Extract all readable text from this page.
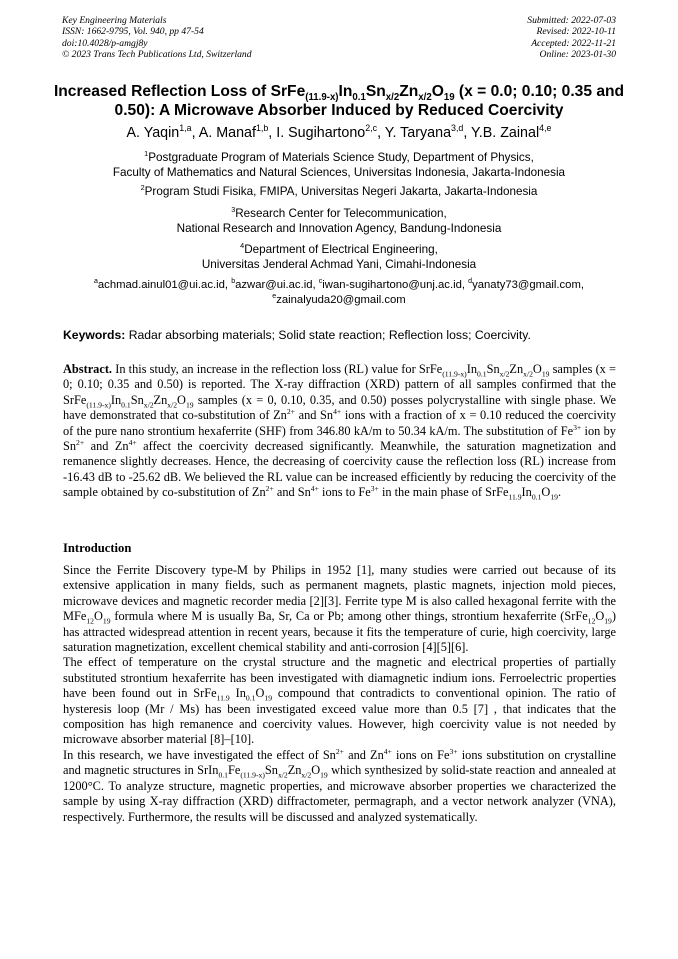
Key Engineering Materials
ISSN: 1662-9795, Vol. 940, pp 47-54
doi:10.4028/p-amgj8y
© 2023 Trans Tech Publications Ltd, Switzerland
Submitted: 2022-07-03
Revised: 2022-10-11
Accepted: 2022-11-21
Online: 2023-01-30
Increased Reflection Loss of $SrFe_{(11.9-x)}In_{0.1}Sn_{x/2}Zn_{x/2}O_{19}$ (x = 0.0; 0.10; 0.35 and 0.50): A Microwave Absorber Induced by Reduced Coercivity
A. Yaqin$^{1,a}$, A. Manaf$^{1,b}$, I. Sugihartono$^{2,c}$, Y. Taryana$^{3,d}$, Y.B. Zainal$^{4,e}$
$^1$Postgraduate Program of Materials Science Study, Department of Physics,
Faculty of Mathematics and Natural Sciences, Universitas Indonesia, Jakarta-Indonesia
$^2$Program Studi Fisika, FMIPA, Universitas Negeri Jakarta, Jakarta-Indonesia
$^3$Research Center for Telecommunication,
National Research and Innovation Agency, Bandung-Indonesia
$^4$Department of Electrical Engineering,
Universitas Jenderal Achmad Yani, Cimahi-Indonesia
$^a$achmad.ainul01@ui.ac.id, $^b$azwar@ui.ac.id, $^c$iwan-sugihartono@unj.ac.id, $^d$yanaty73@gmail.com,
$^e$zainalyuda20@gmail.com
Keywords: Radar absorbing materials; Solid state reaction; Reflection loss; Coercivity.
Abstract. In this study, an increase in the reflection loss (RL) value for $SrFe_{(11.9-x)}In_{0.1}Sn_{x/2}Zn_{x/2}O_{19}$ samples (x = 0; 0.10; 0.35 and 0.50) is reported. The X-ray diffraction (XRD) pattern of all samples confirmed that the $SrFe_{(11.9-x)}In_{0.1}Sn_{x/2}Zn_{x/2}O_{19}$ samples (x = 0, 0.10, 0.35, and 0.50) posses polycrystalline with single phase. We have demonstrated that co-substitution of $Zn^{2+}$ and $Sn^{4+}$ ions with a fraction of x = 0.10 reduced the coercivity of the pure nano strontium hexaferrite (SHF) from 346.80 kA/m to 50.34 kA/m. The substitution of $Fe^{3+}$ ion by $Sn^{2+}$ and $Zn^{4+}$ affect the coercivity decreased significantly. Meanwhile, the saturation magnetization and remanence slightly decreases. Hence, the decreasing of coercivity cause the reflection loss (RL) increase from -16.43 dB to -25.62 dB. We believed the RL value can be increased efficiently by reducing the coercivity of the sample obtained by co-substitution of $Zn^{2+}$ and $Sn^{4+}$ ions to $Fe^{3+}$ in the main phase of $SrFe_{11.9}In_{0.1}O_{19}$.
Introduction

Since the Ferrite Discovery type-M by Philips in 1952 [1], many studies were carried out because of its extensive application in many fields, such as permanent magnets, plastic magnets, injection mold pieces, microwave devices and magnetic recorder media [2][3]. Ferrite type M is also called hexagonal ferrite with the $MFe_{12}O_{19}$ formula where M is usually Ba, Sr, Ca or Pb; among other things, strontium hexaferrite $(SrFe_{12}O_{19})$ has attracted widespread attention in recent years, because it fits the temperature of curie, high coercivity, large saturation magnetization, excellent chemical stability and anti-corrosion [4][5][6].

The effect of temperature on the crystal structure and the magnetic and electrical properties of partially substituted strontium hexaferrite has been investigated with diamagnetic indium ions. Ferroelectric properties have been found out in SrFe$_{11.9}$ $In_{0.1}O_{19}$ compound that contradicts to conventional opinion. The ratio of hysteresis loop (Mr / Ms) has been investigated exceed value more than 0.5 [7] , that indicates that the composition has high remanence and coercivity values. However, high coercivity value is not needed by microwave absorber material [8]–[10].

In this research, we have investigated the effect of $Sn^{2+}$ and $Zn^{4+}$ ions on $Fe^{3+}$ ions substitution on crystalline and magnetic structures in $SrIn_{0.1}Fe_{(11.9-x)}Sn_{x/2}Zn_{x/2}O_{19}$ which synthesized by solid-state reaction and annealed at 1200°C. To analyze structure, magnetic properties, and microwave absorber properties we characterized the sample by using X-ray diffraction (XRD) diffractometer, permagraph, and a vector network analyzer (VNA), respectively. Furthermore, the results will be discussed and analyzed systematically.
